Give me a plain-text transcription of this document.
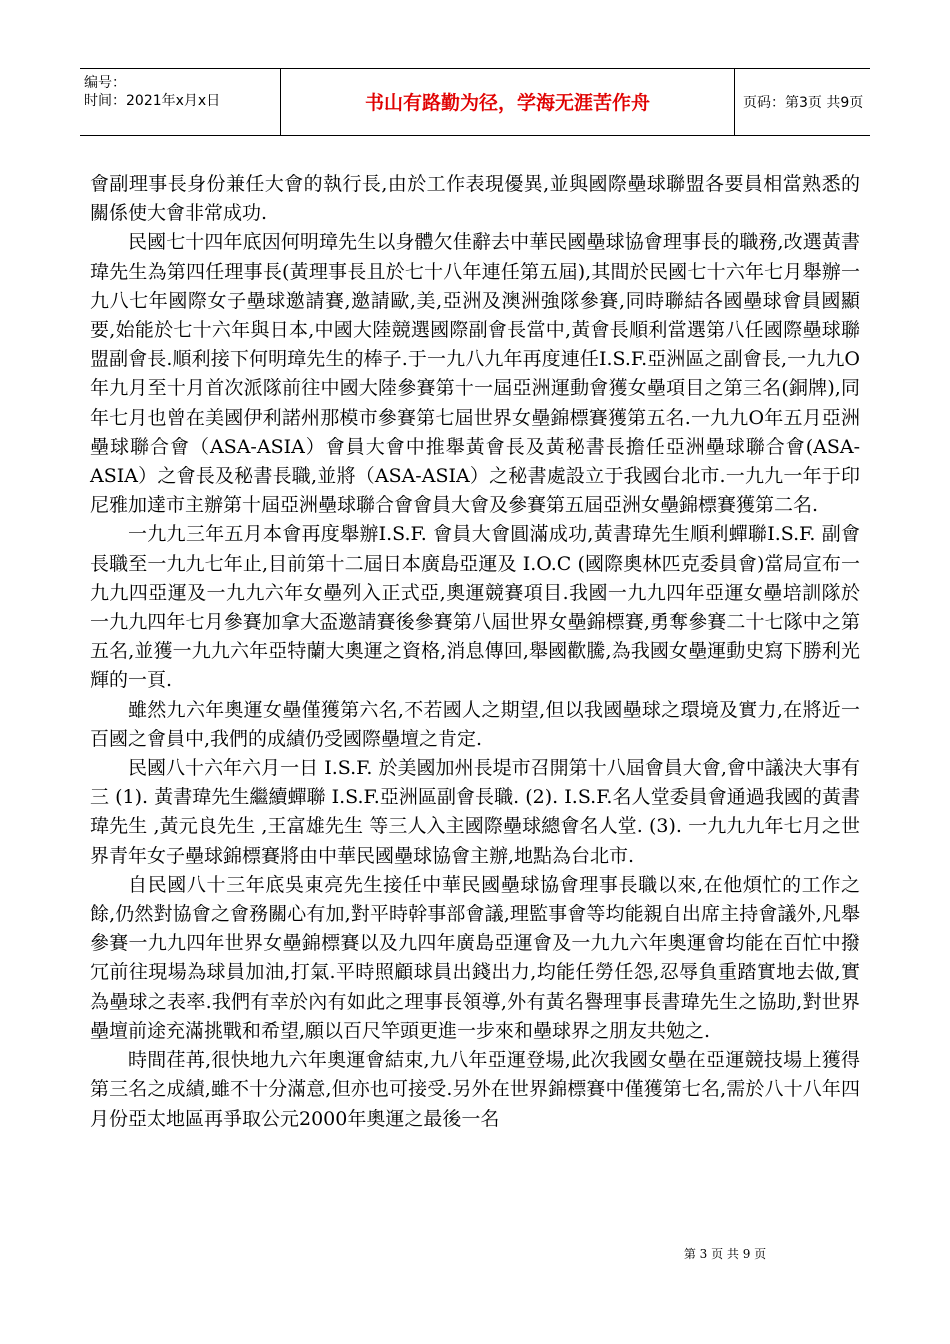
编号：
时间：2021年x月x日	书山有路勤为径，学海无涯苦作舟	页码：第3页 共9页

會副理事長身份兼任大會的執行長,由於工作表現優異,並與國際壘球聯盟各要員相當熟悉的關係使大會非常成功.

民國七十四年底因何明璋先生以身體欠佳辭去中華民國壘球協會理事長的職務,改選黃書瑋先生為第四任理事長(黃理事長且於七十八年連任第五屆),其間於民國七十六年七月舉辦一九八七年國際女子壘球邀請賽,邀請歐,美,亞洲及澳洲強隊參賽,同時聯結各國壘球會員國顯要,始能於七十六年與日本,中國大陸競選國際副會長當中,黃會長順利當選第八任國際壘球聯盟副會長.順利接下何明璋先生的棒子.于一九八九年再度連任I.S.F.亞洲區之副會長,一九九O年九月至十月首次派隊前往中國大陸參賽第十一屆亞洲運動會獲女壘項目之第三名(銅牌),同年七月也曾在美國伊利諾州那模市參賽第七屆世界女壘錦標賽獲第五名.一九九O年五月亞洲壘球聯合會（ASA-ASIA）會員大會中推舉黃會長及黃秘書長擔任亞洲壘球聯合會(ASA-ASIA）之會長及秘書長職,並將（ASA-ASIA）之秘書處設立于我國台北市.一九九一年于印尼雅加達市主辦第十屆亞洲壘球聯合會會員大會及參賽第五屆亞洲女壘錦標賽獲第二名.

一九九三年五月本會再度舉辦I.S.F. 會員大會圓滿成功,黃書瑋先生順利蟬聯I.S.F. 副會長職至一九九七年止,目前第十二屆日本廣島亞運及 I.O.C (國際奧林匹克委員會)當局宣布一九九四亞運及一九九六年女壘列入正式亞,奧運競賽項目.我國一九九四年亞運女壘培訓隊於一九九四年七月參賽加拿大盃邀請賽後參賽第八屆世界女壘錦標賽,勇奪參賽二十七隊中之第五名,並獲一九九六年亞特蘭大奧運之資格,消息傳回,舉國歡騰,為我國女壘運動史寫下勝利光輝的一頁.

雖然九六年奧運女壘僅獲第六名,不若國人之期望,但以我國壘球之環境及實力,在將近一百國之會員中,我們的成績仍受國際壘壇之肯定.

民國八十六年六月一日 I.S.F. 於美國加州長堤市召開第十八屆會員大會,會中議決大事有三 (1). 黃書瑋先生繼續蟬聯 I.S.F.亞洲區副會長職. (2). I.S.F.名人堂委員會通過我國的黃書瑋先生 ,黃元良先生 ,王富雄先生 等三人入主國際壘球總會名人堂. (3). 一九九九年七月之世界青年女子壘球錦標賽將由中華民國壘球協會主辦,地點為台北市.

自民國八十三年底吳東亮先生接任中華民國壘球協會理事長職以來,在他煩忙的工作之餘,仍然對協會之會務關心有加,對平時幹事部會議,理監事會等均能親自出席主持會議外,凡舉參賽一九九四年世界女壘錦標賽以及九四年廣島亞運會及一九九六年奧運會均能在百忙中撥冗前往現場為球員加油,打氣.平時照顧球員出錢出力,均能任勞任怨,忍辱負重踏實地去做,實為壘球之表率.我們有幸於內有如此之理事長領導,外有黃名譽理事長書瑋先生之協助,對世界壘壇前途充滿挑戰和希望,願以百尺竿頭更進一步來和壘球界之朋友共勉之.

時間荏苒,很快地九六年奧運會結束,九八年亞運登場,此次我國女壘在亞運競技場上獲得第三名之成績,雖不十分滿意,但亦也可接受.另外在世界錦標賽中僅獲第七名,需於八十八年四月份亞太地區再爭取公元2000年奧運之最後一名

第 3 页 共 9 页
